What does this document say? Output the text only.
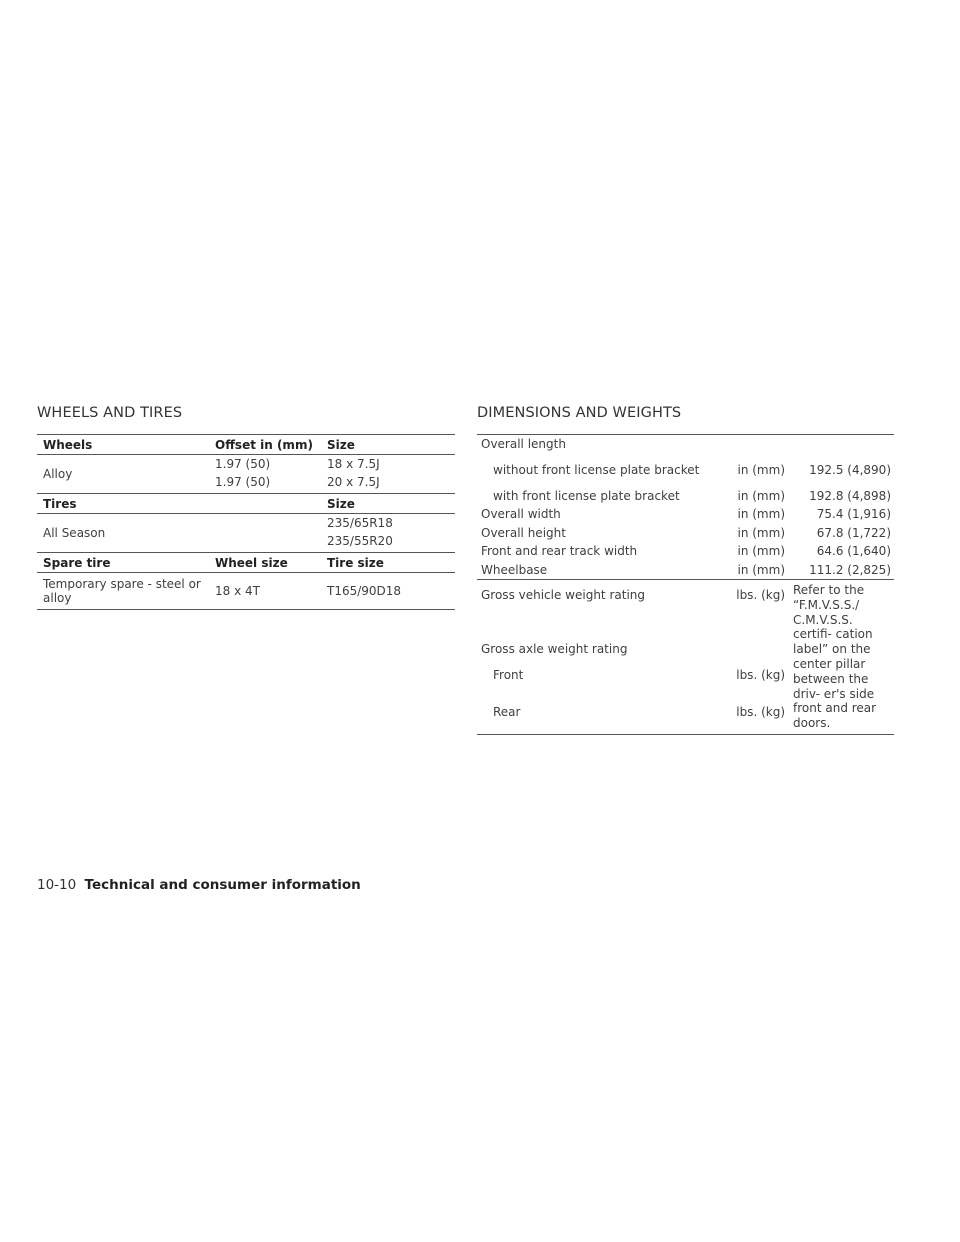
WHEELS AND TIRES
Wheels	Offset in (mm)	Size
Alloy	1.97 (50)	18 x 7.5J
	1.97 (50)	20 x 7.5J
Tires		Size
All Season		235/65R18
		235/55R20
Spare tire	Wheel size	Tire size
Temporary spare - steel or alloy	18 x 4T	T165/90D18
DIMENSIONS AND WEIGHTS
Overall length		
without front license plate bracket	in (mm)	192.5 (4,890)
with front license plate bracket	in (mm)	192.8 (4,898)
Overall width	in (mm)	75.4 (1,916)
Overall height	in (mm)	67.8 (1,722)
Front and rear track width	in (mm)	64.6 (1,640)
Wheelbase	in (mm)	111.2 (2,825)
Gross vehicle weight rating	lbs. (kg)	Refer to the “F.M.V.S.S./ C.M.V.S.S. certifi- cation label” on the center pillar between the driv- er's side front and rear doors.
Gross axle weight rating		
Front	lbs. (kg)	
Rear	lbs. (kg)	
10-10 Technical and consumer information
